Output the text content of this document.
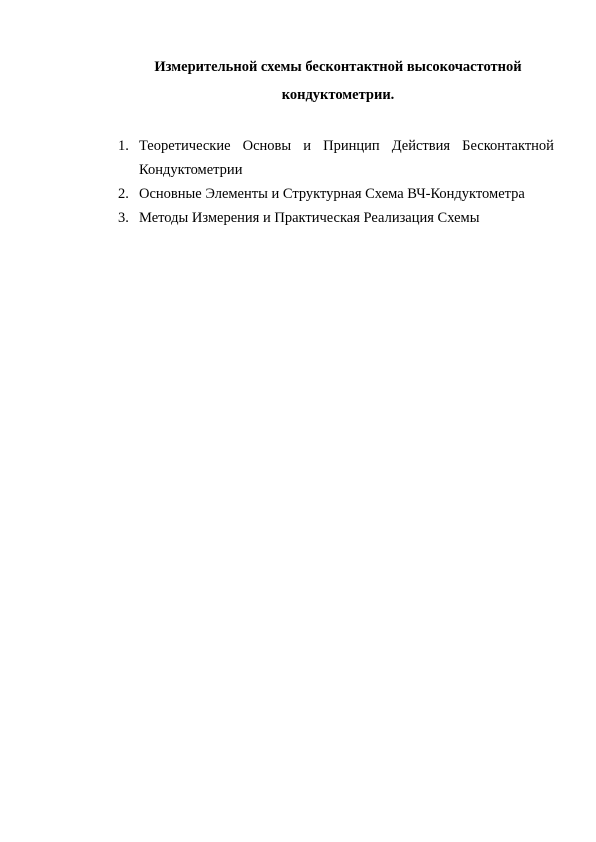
Измерительной схемы бесконтактной высокочастотной
кондуктометрии.
1. Теоретические Основы и Принцип Действия Бесконтактной
Кондуктометрии
2. Основные Элементы и Структурная Схема ВЧ-Кондуктометра
3. Методы Измерения и Практическая Реализация Схемы
